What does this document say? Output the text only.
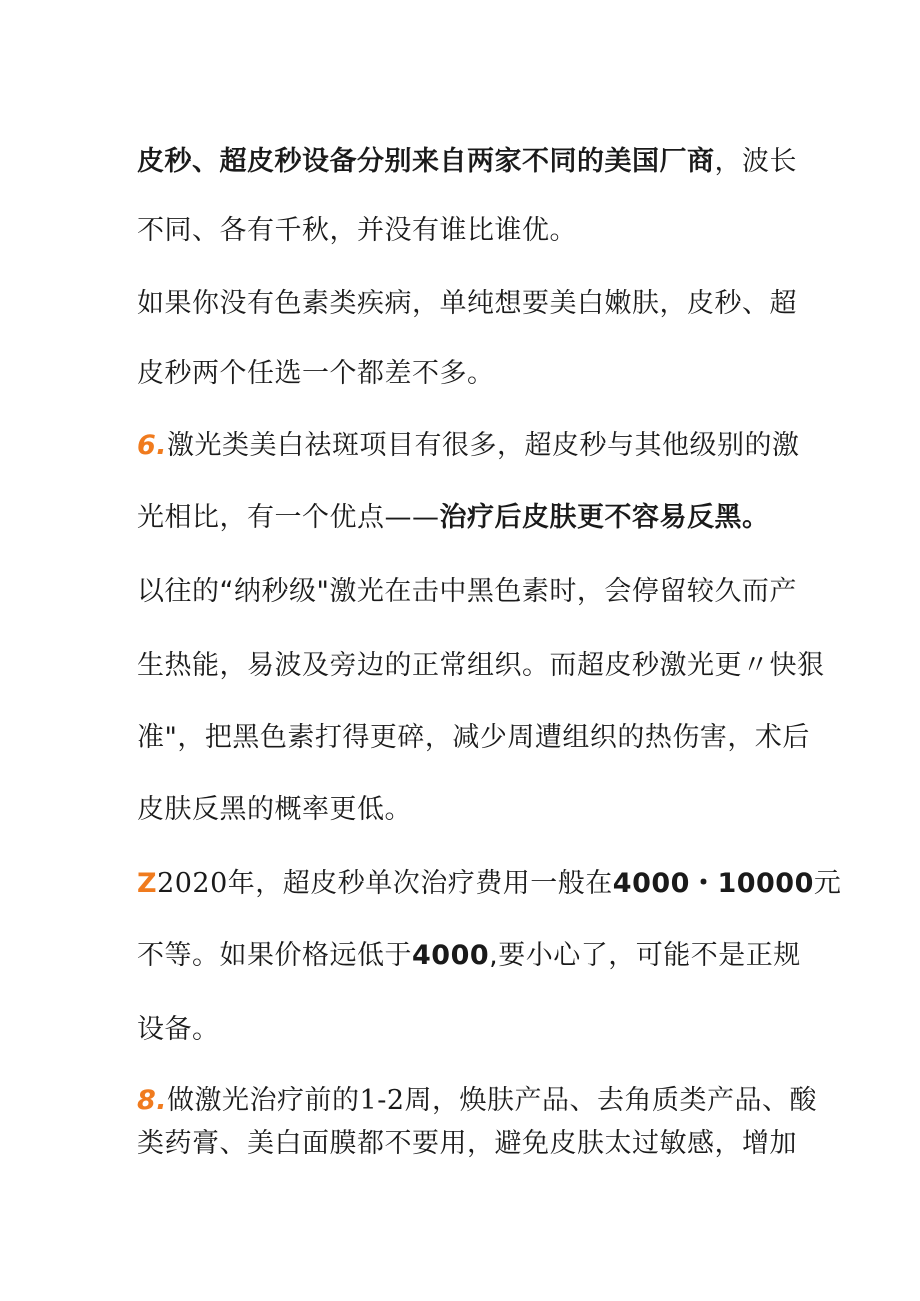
皮秒、超皮秒设备分别来自两家不同的美国厂商，波长
不同、各有千秋，并没有谁比谁优。
如果你没有色素类疾病，单纯想要美白嫩肤，皮秒、超
皮秒两个任选一个都差不多。
6.激光类美白祛斑项目有很多，超皮秒与其他级别的激
光相比，有一个优点——治疗后皮肤更不容易反黑。
以往的“纳秒级"激光在击中黑色素时，会停留较久而产
生热能，易波及旁边的正常组织。而超皮秒激光更〃快狠
准"，把黑色素打得更碎，减少周遭组织的热伤害，术后
皮肤反黑的概率更低。
Z2020年，超皮秒单次治疗费用一般在4000・10000元
不等。如果价格远低于4000,要小心了，可能不是正规
设备。
8.做激光治疗前的1-2周，焕肤产品、去角质类产品、酸
类药膏、美白面膜都不要用，避免皮肤太过敏感，增加
